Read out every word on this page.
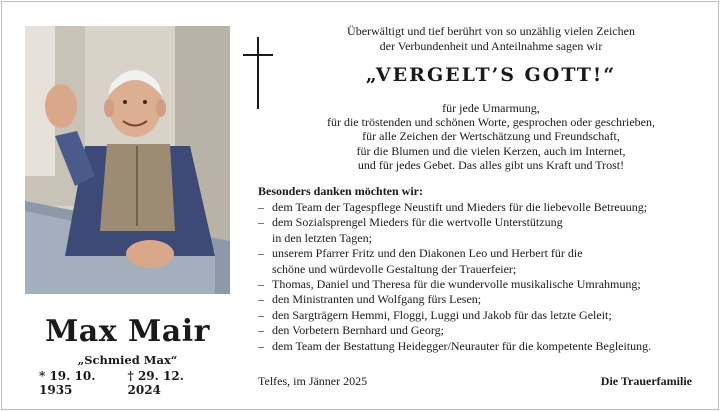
Max Mair
„Schmied Max“
* 19. 10. 1935
† 29. 12. 2024
Überwältigt und tief berührt von so unzählig vielen Zeichen
der Verbundenheit und Anteilnahme sagen wir
„VERGELT’S GOTT!“
für jede Umarmung,
für die tröstenden und schönen Worte, gesprochen oder geschrieben,
für alle Zeichen der Wertschätzung und Freundschaft,
für die Blumen und die vielen Kerzen, auch im Internet,
und für jedes Gebet. Das alles gibt uns Kraft und Trost!
Besonders danken möchten wir:
– dem Team der Tagespflege Neustift und Mieders für die liebevolle Betreuung;
– dem Sozialsprengel Mieders für die wertvolle Unterstützung
in den letzten Tagen;
– unserem Pfarrer Fritz und den Diakonen Leo und Herbert für die
schöne und würdevolle Gestaltung der Trauerfeier;
– Thomas, Daniel und Theresa für die wundervolle musikalische Umrahmung;
– den Ministranten und Wolfgang fürs Lesen;
– den Sargträgern Hemmi, Floggi, Luggi und Jakob für das letzte Geleit;
– den Vorbetern Bernhard und Georg;
– dem Team der Bestattung Heidegger/Neurauter für die kompetente Begleitung.
Telfes, im Jänner 2025	Die Trauerfamilie
